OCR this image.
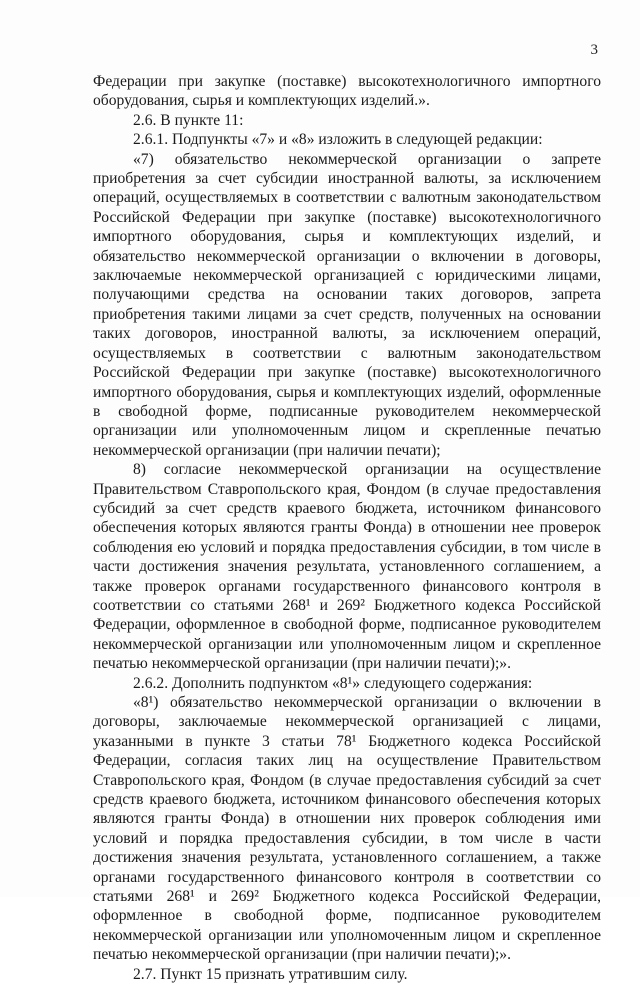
3

Федерации при закупке (поставке) высокотехнологичного импортного оборудования, сырья и комплектующих изделий.».

2.6. В пункте 11:

2.6.1. Подпункты «7» и «8» изложить в следующей редакции:

«7) обязательство некоммерческой организации о запрете приобретения за счет субсидии иностранной валюты, за исключением операций, осуществляемых в соответствии с валютным законодательством Российской Федерации при закупке (поставке) высокотехнологичного импортного оборудования, сырья и комплектующих изделий, и обязательство некоммерческой организации о включении в договоры, заключаемые некоммерческой организацией с юридическими лицами, получающими средства на основании таких договоров, запрета приобретения такими лицами за счет средств, полученных на основании таких договоров, иностранной валюты, за исключением операций, осуществляемых в соответствии с валютным законодательством Российской Федерации при закупке (поставке) высокотехнологичного импортного оборудования, сырья и комплектующих изделий, оформленные в свободной форме, подписанные руководителем некоммерческой организации или уполномоченным лицом и скрепленные печатью некоммерческой организации (при наличии печати);

8) согласие некоммерческой организации на осуществление Правительством Ставропольского края, Фондом (в случае предоставления субсидий за счет средств краевого бюджета, источником финансового обеспечения которых являются гранты Фонда) в отношении нее проверок соблюдения ею условий и порядка предоставления субсидии, в том числе в части достижения значения результата, установленного соглашением, а также проверок органами государственного финансового контроля в соответствии со статьями 268¹ и 269² Бюджетного кодекса Российской Федерации, оформленное в свободной форме, подписанное руководителем некоммерческой организации или уполномоченным лицом и скрепленное печатью некоммерческой организации (при наличии печати);».

2.6.2. Дополнить подпунктом «8¹» следующего содержания:

«8¹) обязательство некоммерческой организации о включении в договоры, заключаемые некоммерческой организацией с лицами, указанными в пункте 3 статьи 78¹ Бюджетного кодекса Российской Федерации, согласия таких лиц на осуществление Правительством Ставропольского края, Фондом (в случае предоставления субсидий за счет средств краевого бюджета, источником финансового обеспечения которых являются гранты Фонда) в отношении них проверок соблюдения ими условий и порядка предоставления субсидии, в том числе в части достижения значения результата, установленного соглашением, а также органами государственного финансового контроля в соответствии со статьями 268¹ и 269² Бюджетного кодекса Российской Федерации, оформленное в свободной форме, подписанное руководителем некоммерческой организации или уполномоченным лицом и скрепленное печатью некоммерческой организации (при наличии печати);».

2.7. Пункт 15 признать утратившим силу.
